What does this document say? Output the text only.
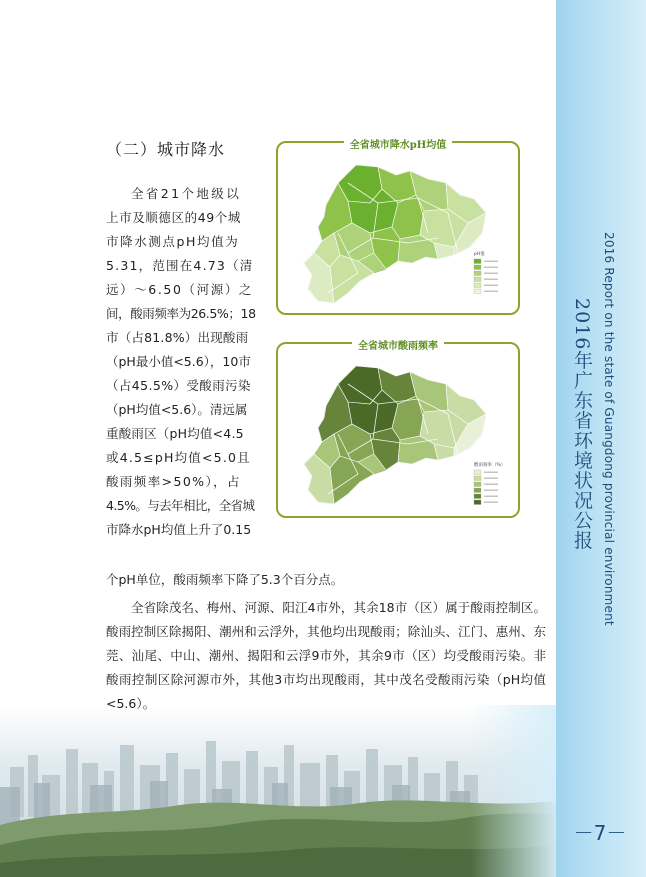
2016 Report on the state of Guangdong provincial environment
2016年广东省环境状况公报
－7－
（二）城市降水
全省21个地级以
上市及顺德区的49个城
市降水测点pH均值为
5.31，范围在4.73（清
远）～6.50（河源）之
间，酸雨频率为26.5%；18
市（占81.8%）出现酸雨
（pH最小值<5.6），10市
（占45.5%）受酸雨污染
（pH均值<5.6）。清远属
重酸雨区（pH均值<4.5
或4.5≤pH均值<5.0且
酸雨频率>50%），占
4.5%。与去年相比，全省城
市降水pH均值上升了0.15
个pH单位，酸雨频率下降了5.3个百分点。
全省除茂名、梅州、河源、阳江4市外，其余18市（区）属于酸雨控制区。酸雨控制区除揭阳、潮州和云浮外，其他均出现酸雨；除汕头、江门、惠州、东莞、汕尾、中山、潮州、揭阳和云浮9市外，其余9市（区）均受酸雨污染。非酸雨控制区除河源市外，其他3市均出现酸雨，其中茂名受酸雨污染（pH均值<5.6）。
全省城市降水pH均值
pH值
全省城市酸雨频率
酸雨频率（%）
